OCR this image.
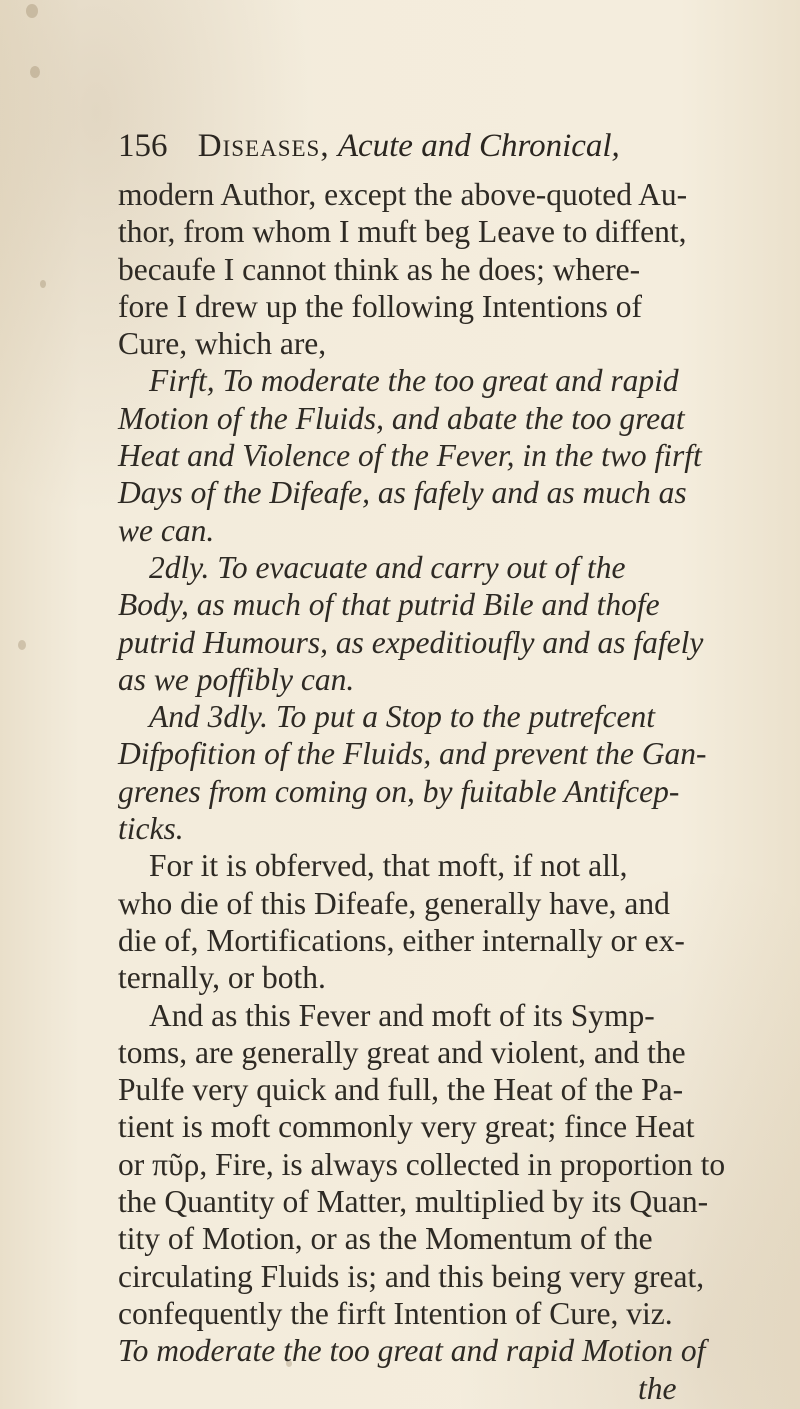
156 Diseases, Acute and Chronical,
modern Author, except the above-quoted Au-
thor, from whom I muft beg Leave to diffent,
becaufe I cannot think as he does; where-
fore I drew up the following Intentions of
Cure, which are,
Firft, To moderate the too great and rapid
Motion of the Fluids, and abate the too great
Heat and Violence of the Fever, in the two firft
Days of the Difeafe, as fafely and as much as
we can.
2dly. To evacuate and carry out of the
Body, as much of that putrid Bile and thofe
putrid Humours, as expeditioufly and as fafely
as we poffibly can.
And 3dly. To put a Stop to the putrefcent
Difpofition of the Fluids, and prevent the Gan-
grenes from coming on, by fuitable Antifcep-
ticks.
For it is obferved, that moft, if not all,
who die of this Difeafe, generally have, and
die of, Mortifications, either internally or ex-
ternally, or both.
And as this Fever and moft of its Symp-
toms, are generally great and violent, and the
Pulfe very quick and full, the Heat of the Pa-
tient is moft commonly very great; fince Heat
or πῦρ, Fire, is always collected in proportion to
the Quantity of Matter, multiplied by its Quan-
tity of Motion, or as the Momentum of the
circulating Fluids is; and this being very great,
confequently the firft Intention of Cure, viz.
To moderate the too great and rapid Motion of
the
